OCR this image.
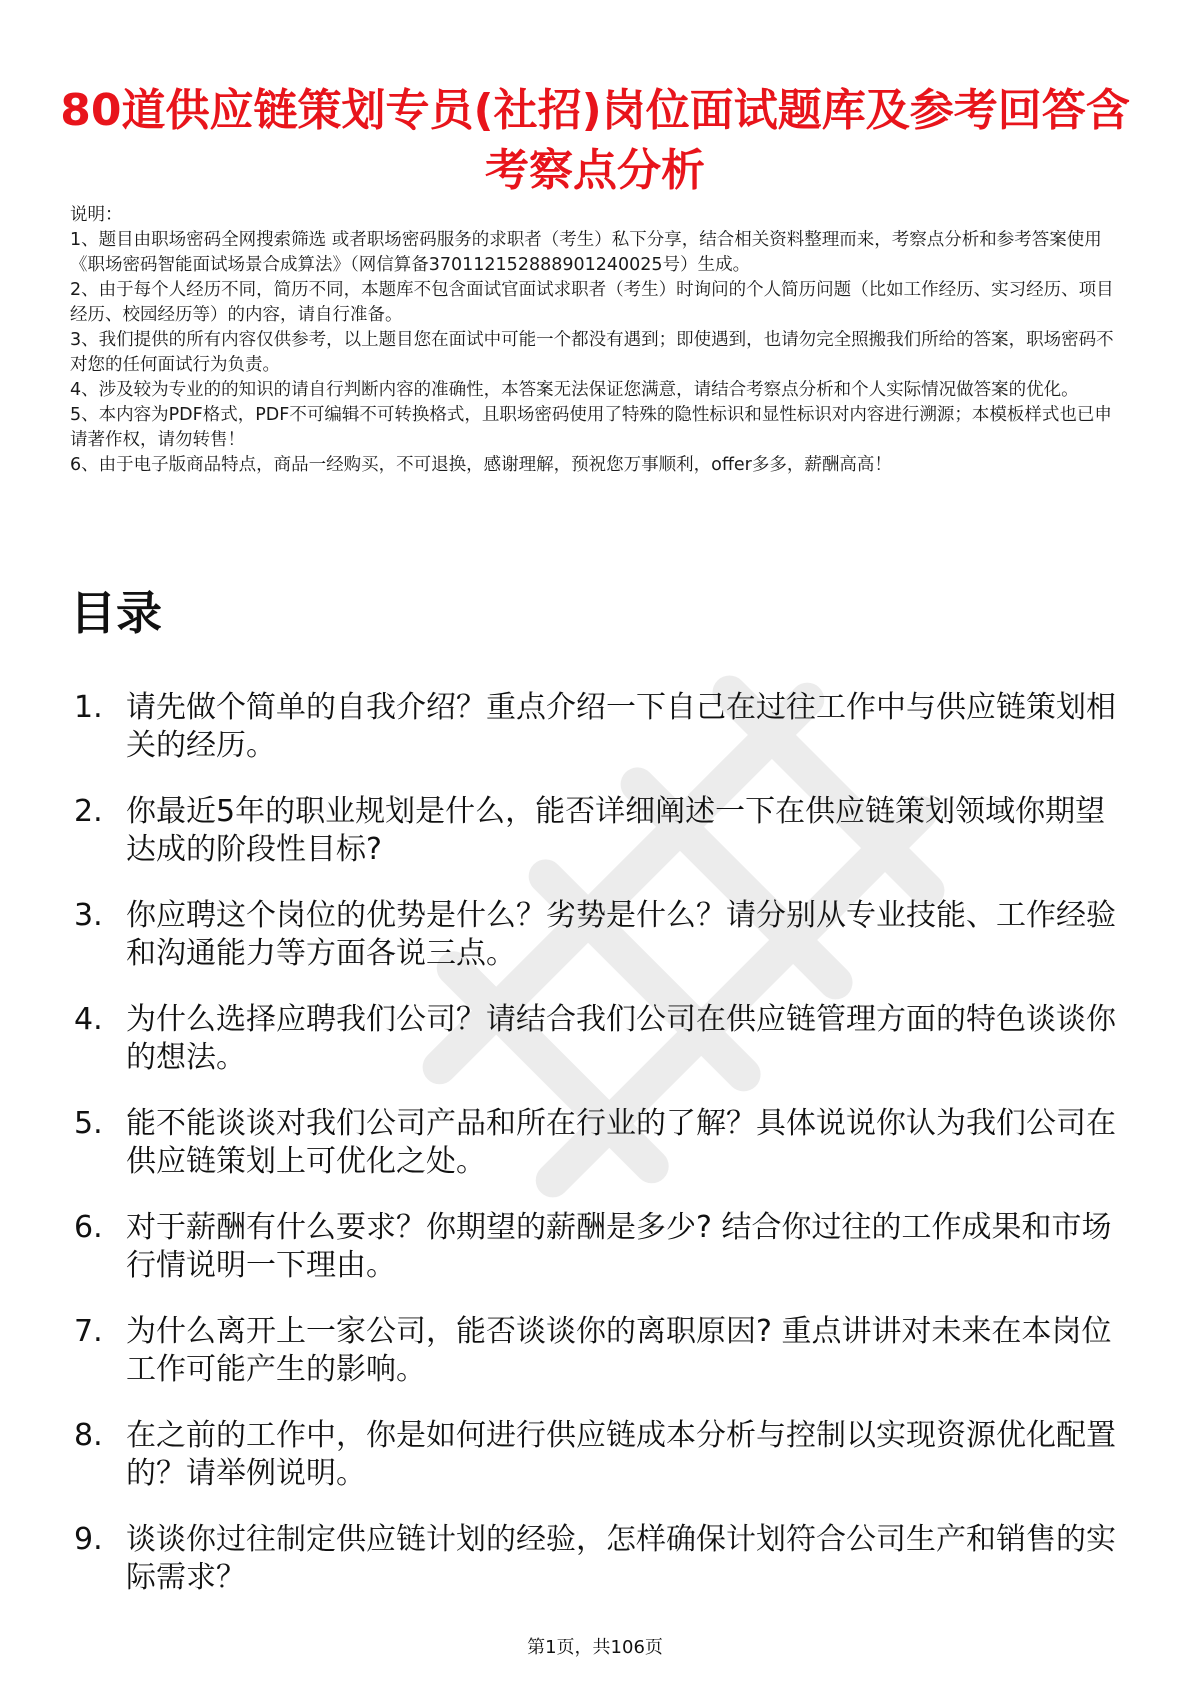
80道供应链策划专员(社招)岗位面试题库及参考回答含考察点分析

说明：

1、题目由职场密码全网搜索筛选 或者职场密码服务的求职者（考生）私下分享，结合相关资料整理而来，考察点分析和参考答案使用《职场密码智能面试场景合成算法》（网信算备370112152888901240025号）生成。

2、由于每个人经历不同，简历不同，本题库不包含面试官面试求职者（考生）时询问的个人简历问题（比如工作经历、实习经历、项目经历、校园经历等）的内容，请自行准备。

3、我们提供的所有内容仅供参考，以上题目您在面试中可能一个都没有遇到；即使遇到，也请勿完全照搬我们所给的答案，职场密码不对您的任何面试行为负责。

4、涉及较为专业的的知识的请自行判断内容的准确性，本答案无法保证您满意，请结合考察点分析和个人实际情况做答案的优化。

5、本内容为PDF格式，PDF不可编辑不可转换格式，且职场密码使用了特殊的隐性标识和显性标识对内容进行溯源；本模板样式也已申请著作权，请勿转售！

6、由于电子版商品特点，商品一经购买，不可退换，感谢理解，预祝您万事顺利，offer多多，薪酬高高！

目录
1. 请先做个简单的自我介绍？重点介绍一下自己在过往工作中与供应链策划相关的经历。
2. 你最近5年的职业规划是什么，能否详细阐述一下在供应链策划领域你期望达成的阶段性目标?
3. 你应聘这个岗位的优势是什么？劣势是什么？请分别从专业技能、工作经验和沟通能力等方面各说三点。
4. 为什么选择应聘我们公司？请结合我们公司在供应链管理方面的特色谈谈你的想法。
5. 能不能谈谈对我们公司产品和所在行业的了解？具体说说你认为我们公司在供应链策划上可优化之处。
6. 对于薪酬有什么要求？你期望的薪酬是多少? 结合你过往的工作成果和市场行情说明一下理由。
7. 为什么离开上一家公司，能否谈谈你的离职原因? 重点讲讲对未来在本岗位工作可能产生的影响。
8. 在之前的工作中，你是如何进行供应链成本分析与控制以实现资源优化配置的？请举例说明。
9. 谈谈你过往制定供应链计划的经验，怎样确保计划符合公司生产和销售的实际需求？
第1页，共106页
